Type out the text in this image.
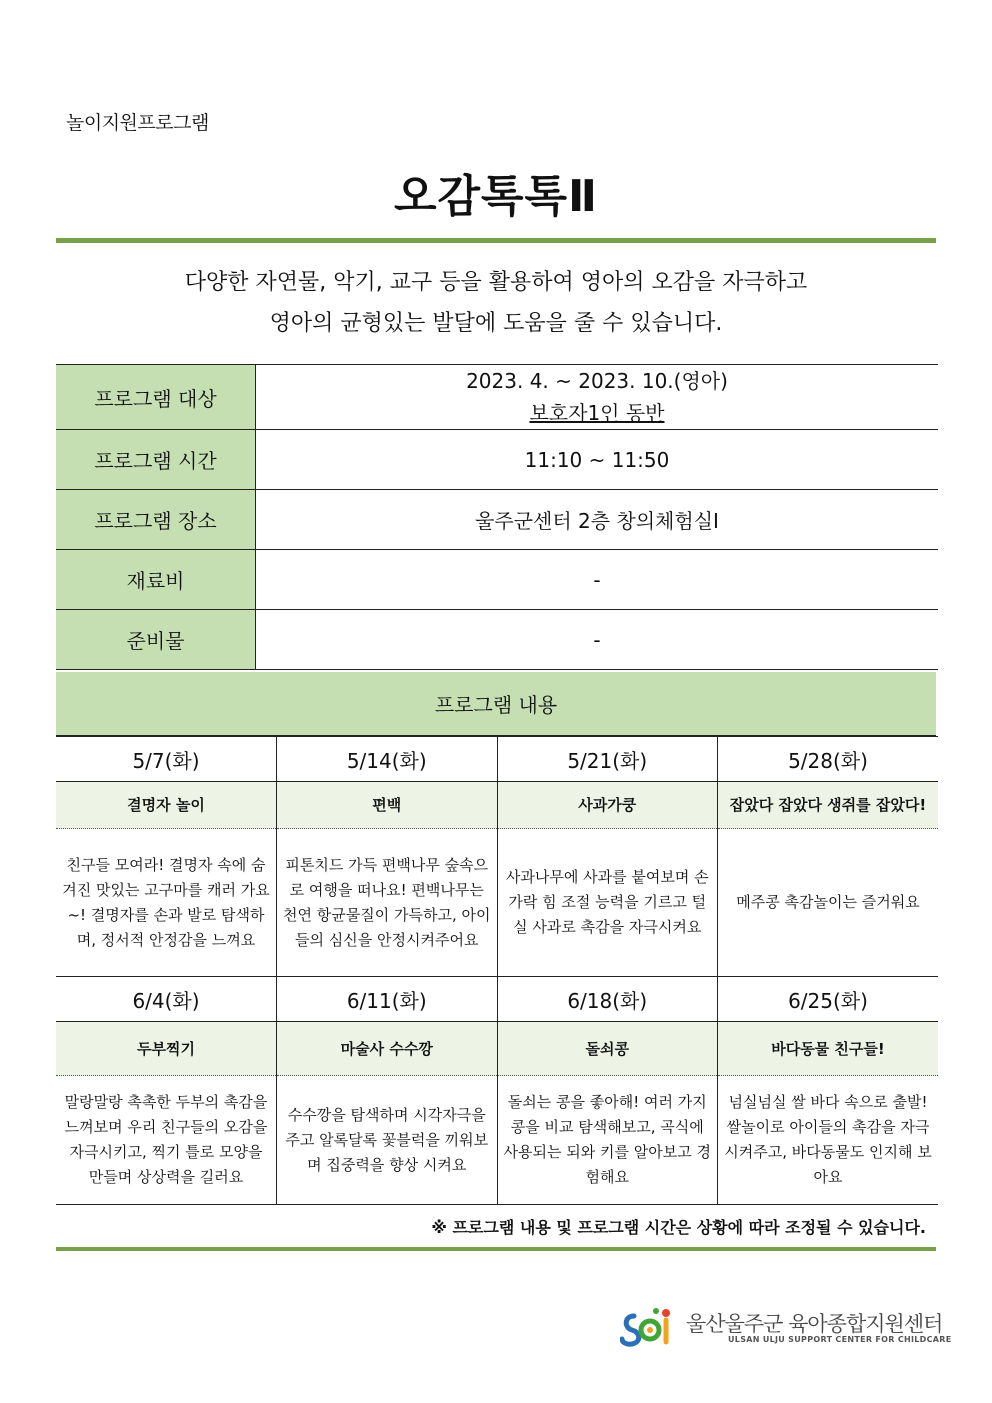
놀이지원프로그램
오감톡톡Ⅱ
다양한 자연물, 악기, 교구 등을 활용하여 영아의 오감을 자극하고
영아의 균형있는 발달에 도움을 줄 수 있습니다.
프로그램 대상	2023. 4. ~ 2023. 10.(영아)
보호자1인 동반

프로그램 시간	11:10 ~ 11:50
프로그램 장소	울주군센터 2층 창의체험실Ⅰ
재료비	-
준비물	-
프로그램 내용
5/7(화)	5/14(화)	5/21(화)	5/28(화)
결명자 놀이	편백	사과가쿵	잡았다 잡았다 생쥐를 잡았다!
친구들 모여라! 결명자 속에 숨겨진 맛있는 고구마를 캐러 가요~! 결명자를 손과 발로 탐색하며, 정서적 안정감을 느껴요	피톤치드 가득 편백나무 숲속으로 여행을 떠나요! 편백나무는 천연 항균물질이 가득하고, 아이들의 심신을 안정시켜주어요	사과나무에 사과를 붙여보며 손가락 힘 조절 능력을 기르고 털실 사과로 촉감을 자극시켜요	메주콩 촉감놀이는 즐거워요
6/4(화)	6/11(화)	6/18(화)	6/25(화)
두부찍기	마술사 수수깡	돌쇠콩	바다동물 친구들!
말랑말랑 촉촉한 두부의 촉감을 느껴보며 우리 친구들의 오감을 자극시키고, 찍기 틀로 모양을 만들며 상상력을 길러요	수수깡을 탐색하며 시각자극을 주고 알록달록 꽃블럭을 끼워보며 집중력을 향상 시켜요	돌쇠는 콩을 좋아해! 여러 가지 콩을 비교 탐색해보고, 곡식에 사용되는 되와 키를 알아보고 경험해요	넘실넘실 쌀 바다 속으로 출발! 쌀놀이로 아이들의 촉감을 자극 시켜주고, 바다동물도 인지해 보아요
※ 프로그램 내용 및 프로그램 시간은 상황에 따라 조정될 수 있습니다.
울산울주군 육아종합지원센터
ULSAN ULJU SUPPORT CENTER FOR CHILDCARE
